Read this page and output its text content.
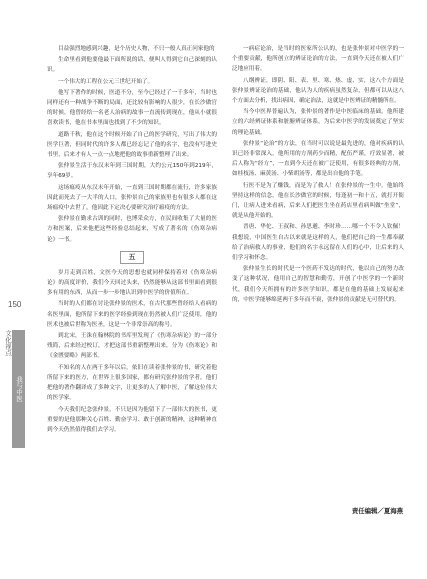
目益强烈地感到兴趣，是个历史人物，不只一般人真正问家他的

生命里看到他要他最下面所说的话，便叫人得到它自己深刻的认识。

一个伟大的工程在公元三世纪开始了。

他写下著作的时候，医道不分，至今已经过了一千多年，当时也同样还有一种战争不断的局面，还比较有影响的人很少，在长沙做官的时候，他曾经给一名老人治病的故事一直流传到现在，他从小就很喜欢读书，他在书本里面也找到了不少的知识。

道路千秋，他在这个时候开始了自己的医学研究，写出了伟大的医学巨著，但同时代的许多人都已经忘记了他的名字，也没有写进史书里，后来才有人一点一点地把他的故事重新整理了出来。

张仲景生活于东汉末年到三国时期，大约公元150年到219年，享年69岁。

这场瘟疫从东汉末年开始，一直到三国时期都在流行，许多家族因此而死去了一大半的人口，张仲景自己的家族里也有很多人都在这场瘟疫中去世了，他因此下定决心要研究治疗瘟疫的方法。

张仲景在勤求古训的同时，也博采众方，在民间收集了大量的医方和医案，后来他把这些经验总结起来，写成了著名的《伤寒杂病论》一书。

五

岁月走到百姓，文医今天的思想也就同样保持着对《伤寒杂病论》的高度评价，我们今天回过头来，仍然能够从这部书里面看到很多有用的东西，从而一步一步地认识到中医学的价值所在。

当时的人们都在讨论张仲景的医术，在古代那些曾经给人看病的名医里面，他所留下来的医学经验到现在仍然被人们广泛使用，他的医术也被后世称为医圣，这是一个非常崇高的称号。

到北宋，王洙在翰林院的书库里发现了《伤寒杂病论》的一部分残简，后来经过校订，才把这部书重新整理出来，分为《伤寒论》和《金匮要略》两部书。

不知名的人在两千多年以后，依旧在读着张仲景的书，研究着他所留下来的医方，在世界上很多国家，都有研究张仲景的学者，他们把他的著作翻译成了多种文字，让更多的人了解中医，了解这位伟大的医学家。

今天我们纪念张仲景，不只是因为他留下了一部伟大的医书，更重要的是他那种关心百姓、勤奋学习、敢于创新的精神，这种精神直到今天仍然值得我们去学习。

一病症论治，是当时的医家所公认的，也是张仲景对中医学的一个重要贡献，他所创立的辨证论治的方法，一直到今天还在被人们广泛地应用着。

八纲辨证，即阴、阳、表、里、寒、热、虚、实，这八个方面是张仲景辨证论治的基础，他认为人的疾病虽然复杂，但都可以从这八个方面去分析，找出病因，确定治法，这就是中医辨证的精髓所在。

当今中医界普遍认为，张仲景的著作是中医临床的基础，他所建立的六经辨证体系和脏腑辨证体系，为后来中医学的发展奠定了坚实的理论基础。

张仲景“论治”的方法，在当时可以说是最先进的，他对疾病的认识已经非常深入，他所用的方剂药少而精，配伍严谨，疗效显著，被后人称为“经方”，一直到今天还在被广泛使用，有很多经典的方剂，如桂枝汤、麻黄汤、小柴胡汤等，都是出自他的手笔。

行医不是为了赚钱，而是为了救人！在张仲景的一生中，他始终坚持这样的信念，他在长沙做官的时候，每逢初一和十五，就打开衙门，让病人进来看病，后来人们把医生坐在药店里看病叫做“坐堂”，就是从他开始的。

晋唐、华佗、王叔和、孙思邈、李时珍……哪一个不令人钦佩！我想说，中国医生自古以来就是这样的人，他们把自己的一生都奉献给了治病救人的事业，他们的名字永远留在人们的心中，让后来的人们学习和怀念。

张仲景生长的时代是一个医药不发达的时代，他以自己的努力改变了这种状况，他用自己的智慧和勤劳，开创了中医学的一个新时代，我们今天所拥有的许多医学知识，都是在他的基础上发展起来的，中医学能够绵延两千多年而不衰，张仲景的贡献是无可替代的。

150
文化视点
我与中医
责任编辑／夏海燕
